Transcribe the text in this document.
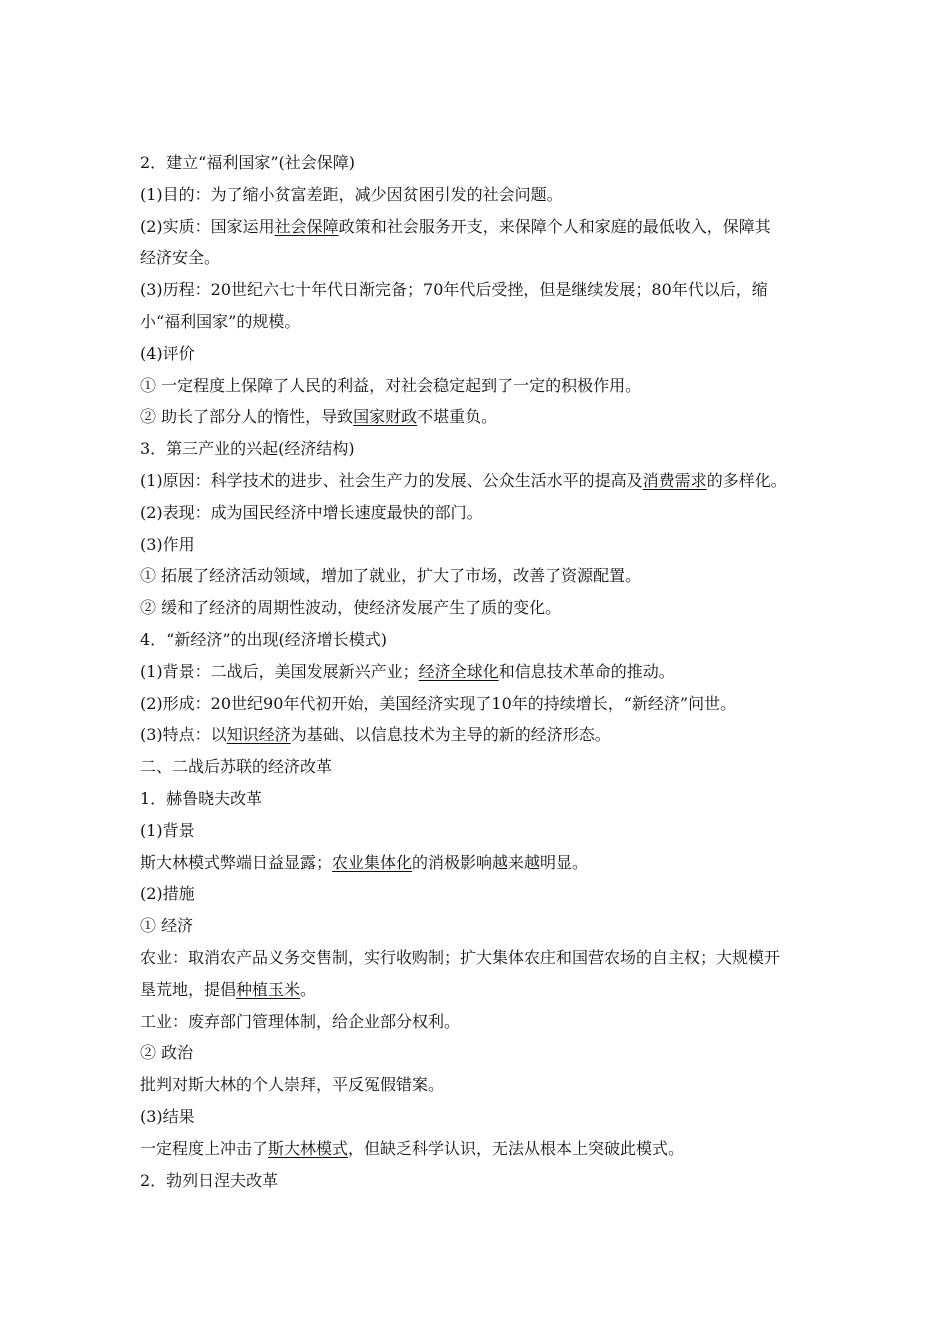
2．建立“福利国家”(社会保障)
(1)目的：为了缩小贫富差距，减少因贫困引发的社会问题。
(2)实质：国家运用社会保障政策和社会服务开支，来保障个人和家庭的最低收入，保障其
经济安全。
(3)历程：20世纪六七十年代日渐完备；70年代后受挫，但是继续发展；80年代以后，缩
小“福利国家”的规模。
(4)评价
① 一定程度上保障了人民的利益，对社会稳定起到了一定的积极作用。
② 助长了部分人的惰性，导致国家财政不堪重负。
3．第三产业的兴起(经济结构)
(1)原因：科学技术的进步、社会生产力的发展、公众生活水平的提高及消费需求的多样化。
(2)表现：成为国民经济中增长速度最快的部门。
(3)作用
① 拓展了经济活动领域，增加了就业，扩大了市场，改善了资源配置。
② 缓和了经济的周期性波动，使经济发展产生了质的变化。
4．“新经济”的出现(经济增长模式)
(1)背景：二战后，美国发展新兴产业；经济全球化和信息技术革命的推动。
(2)形成：20世纪90年代初开始，美国经济实现了10年的持续增长，“新经济”问世。
(3)特点：以知识经济为基础、以信息技术为主导的新的经济形态。
二、二战后苏联的经济改革
1．赫鲁晓夫改革
(1)背景
斯大林模式弊端日益显露；农业集体化的消极影响越来越明显。
(2)措施
① 经济
农业：取消农产品义务交售制，实行收购制；扩大集体农庄和国营农场的自主权；大规模开
垦荒地，提倡种植玉米。
工业：废弃部门管理体制，给企业部分权利。
② 政治
批判对斯大林的个人崇拜，平反冤假错案。
(3)结果
一定程度上冲击了斯大林模式，但缺乏科学认识，无法从根本上突破此模式。
2．勃列日涅夫改革
